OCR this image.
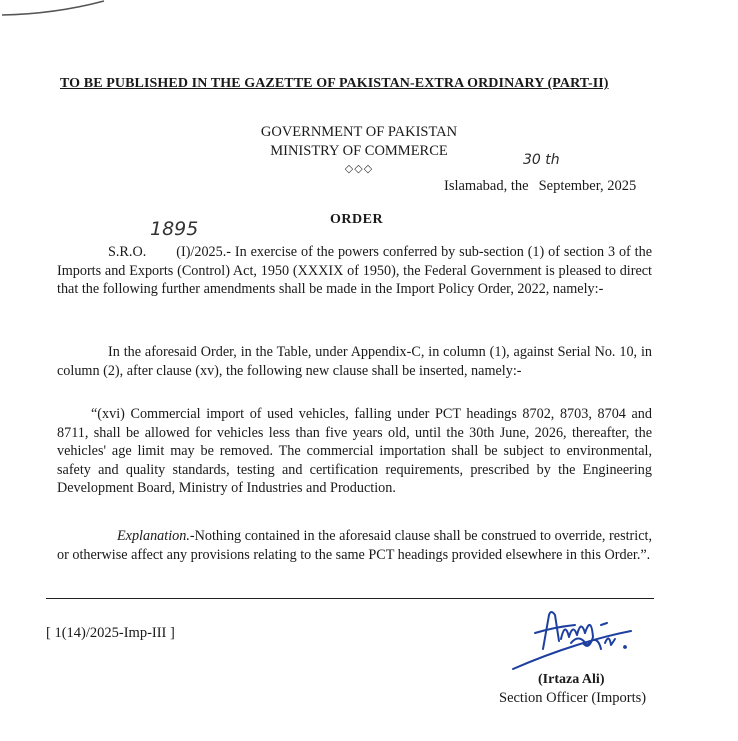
TO BE PUBLISHED IN THE GAZETTE OF PAKISTAN-EXTRA ORDINARY (PART-II)
GOVERNMENT OF PAKISTAN
MINISTRY OF COMMERCE
◇◇◇
30 th
Islamabad, the September, 2025
1895	ORDER
S.R.O. (I)/2025.- In exercise of the powers conferred by sub-section (1) of section 3 of the Imports and Exports (Control) Act, 1950 (XXXIX of 1950), the Federal Government is pleased to direct that the following further amendments shall be made in the Import Policy Order, 2022, namely:-
In the aforesaid Order, in the Table, under Appendix-C, in column (1), against Serial No. 10, in column (2), after clause (xv), the following new clause shall be inserted, namely:-
“(xvi) Commercial import of used vehicles, falling under PCT headings 8702, 8703, 8704 and 8711, shall be allowed for vehicles less than five years old, until the 30th June, 2026, thereafter, the vehicles' age limit may be removed. The commercial importation shall be subject to environmental, safety and quality standards, testing and certification requirements, prescribed by the Engineering Development Board, Ministry of Industries and Production.
Explanation.-Nothing contained in the aforesaid clause shall be construed to override, restrict, or otherwise affect any provisions relating to the same PCT headings provided elsewhere in this Order.”.
[ 1(14)/2025-Imp-III ]
(Irtaza Ali)
Section Officer (Imports)
